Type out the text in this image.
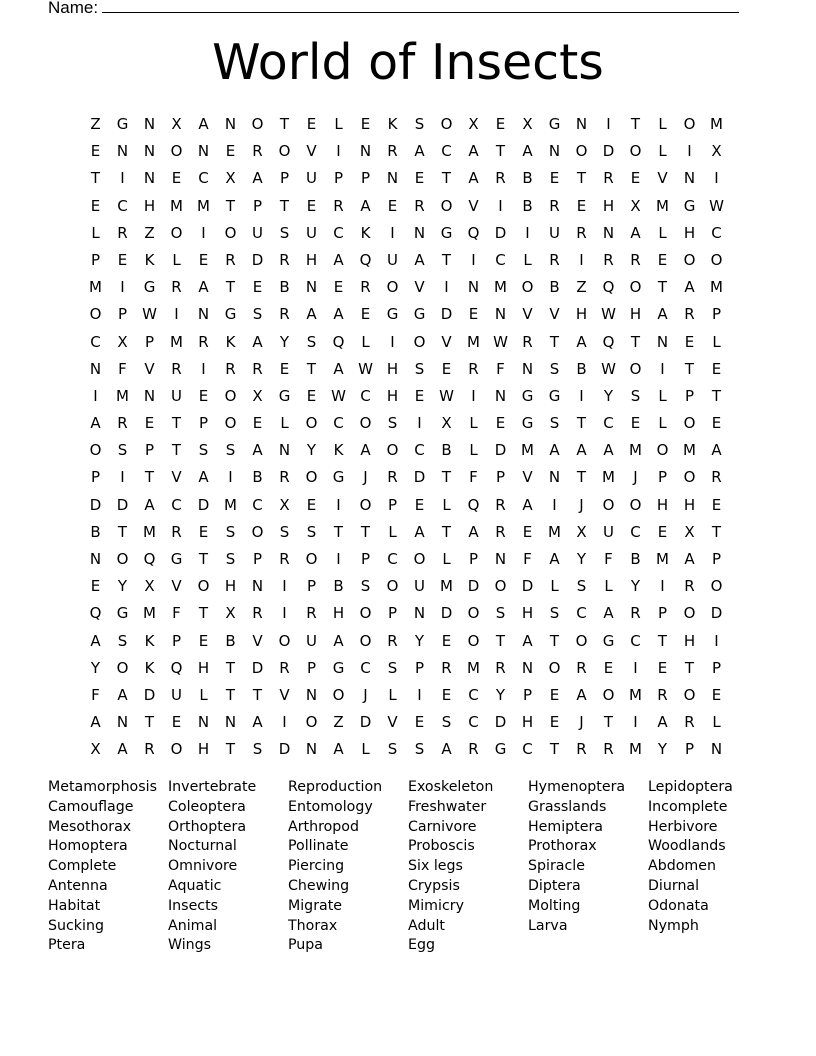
Name:
World of Insects
Z	G	N	X	A	N	O	T	E	L	E	K	S	O	X	E	X	G	N	I	T	L	O M
E	N	N	O	N	E	R	O	V	I	N	R	A	C	A	T	A	N	O	D	O	L	I	X
T	I	N	E	C	X	A	P	U	P	P	N	E	T	A	R	B	E	T	R	E	V	N	I
E	C	H M M	T	P	T	E	R	A	E	R	O	V	I	B	R	E	H	X	M G W
L	R	Z	O	I	O	U	S	U	C	K	I	N	G	Q	D	I	U	R	N	A	L	H	C
P	E	K	L	E	R	D	R	H	A	Q	U	A	T	I	C	L	R	I	R	R	E	O	O
M	I	G	R	A	T	E	B	N	E	R	O	V	I	N M O	B	Z	Q	O	T	A	M
O	P	W	I	N	G	S	R	A	A	E	G	G	D	E	N	V	V	H W H	A	R	P
C	X	P	M	R	K	A	Y	S	Q	L	I	O	V	M W R	T	A	Q	T	N	E	L
N	F	V	R	I	R	R	E	T	A W H	S	E	R	F	N	S	B W O	I	T	E
I	M N	U	E	O	X	G	E W C	H	E W	I	N	G	G	I	Y	S	L	P	T
A	R	E	T	P	O	E	L	O	C	O	S	I	X	L	E	G	S	T	C	E	L	O	E
O	S	P	T	S	S	A	N	Y	K	A	O	C	B	L	D M	A	A	A	M O M	A
P	I	T	V	A	I	B	R	O	G	J	R	D	T	F	P	V	N	T	M	J	P	O	R
D	D	A	C	D M	C	X	E	I	O	P	E	L	Q	R	A	I	J	O	O	H	H	E
B	T	M	R	E	S	O	S	S	T	T	L	A	T	A	R	E	M	X	U	C	E	X	T
N	O	Q	G	T	S	P	R	O	I	P	C	O	L	P	N	F	A	Y	F	B	M	A	P
E	Y	X	V	O	H	N	I	P	B	S	O	U	M D	O	D	L	S	L	Y	I	R	O
Q	G M	F	T	X	R	I	R	H	O	P	N	D	O	S	H	S	C	A	R	P	O	D
A	S	K	P	E	B	V	O	U	A	O	R	Y	E	O	T	A	T	O	G	C	T	H	I
Y	O	K	Q	H	T	D	R	P	G	C	S	P	R	M	R	N	O	R	E	I	E	T	P
F	A	D	U	L	T	T	V	N	O	J	L	I	E	C	Y	P	E	A	O M	R	O	E
A	N	T	E	N	N	A	I	O	Z	D	V	E	S	C	D	H	E	J	T	I	A	R	L
X	A	R	O	H	T	S	D	N	A	L	S	S	A	R	G	C	T	R	R	M	Y	P	N
Metamorphosis
Camouflage
Mesothorax
Homoptera
Complete
Antenna
Habitat
Sucking
Ptera
Invertebrate
Coleoptera
Orthoptera
Nocturnal
Omnivore
Aquatic
Insects
Animal
Wings
Reproduction
Entomology
Arthropod
Pollinate
Piercing
Chewing
Migrate
Thorax
Pupa
Exoskeleton
Freshwater
Carnivore
Proboscis
Six legs
Crypsis
Mimicry
Adult
Egg
Hymenoptera
Grasslands
Hemiptera
Prothorax
Spiracle
Diptera
Molting
Larva
Lepidoptera
Incomplete
Herbivore
Woodlands
Abdomen
Diurnal
Odonata
Nymph
